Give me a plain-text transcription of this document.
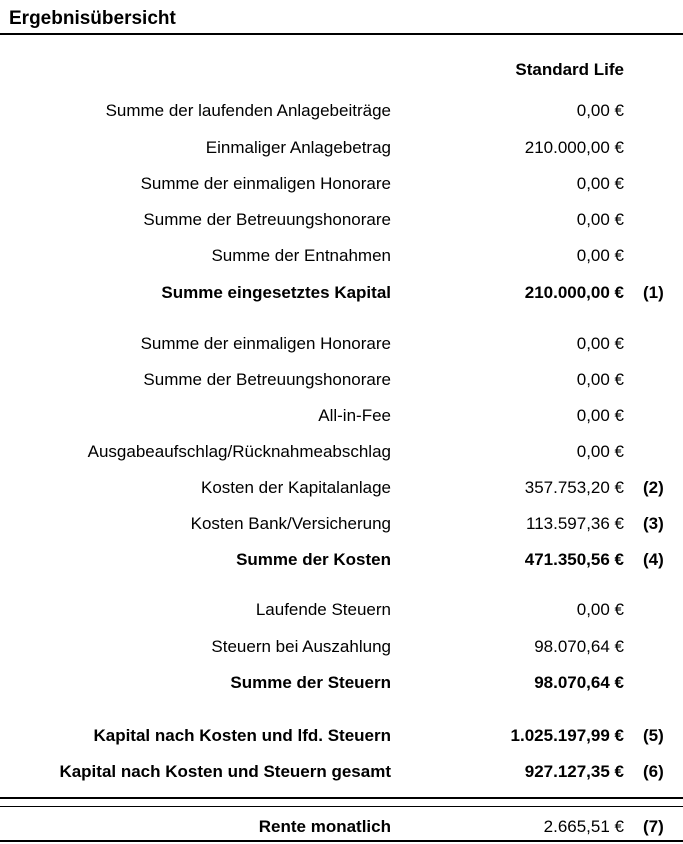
Ergebnisübersicht
Standard Life
Summe der laufenden Anlagebeiträge	0,00 €
Einmaliger Anlagebetrag	210.000,00 €
Summe der einmaligen Honorare	0,00 €
Summe der Betreuungshonorare	0,00 €
Summe der Entnahmen	0,00 €
Summe eingesetztes Kapital	210.000,00 € (1)
Summe der einmaligen Honorare	0,00 €
Summe der Betreuungshonorare	0,00 €
All-in-Fee	0,00 €
Ausgabeaufschlag/Rücknahmeabschlag	0,00 €
Kosten der Kapitalanlage	357.753,20 € (2)
Kosten Bank/Versicherung	113.597,36 € (3)
Summe der Kosten	471.350,56 € (4)
Laufende Steuern	0,00 €
Steuern bei Auszahlung	98.070,64 €
Summe der Steuern	98.070,64 €
Kapital nach Kosten und lfd. Steuern	1.025.197,99 € (5)
Kapital nach Kosten und Steuern gesamt	927.127,35 € (6)
Rente monatlich	2.665,51 € (7)
